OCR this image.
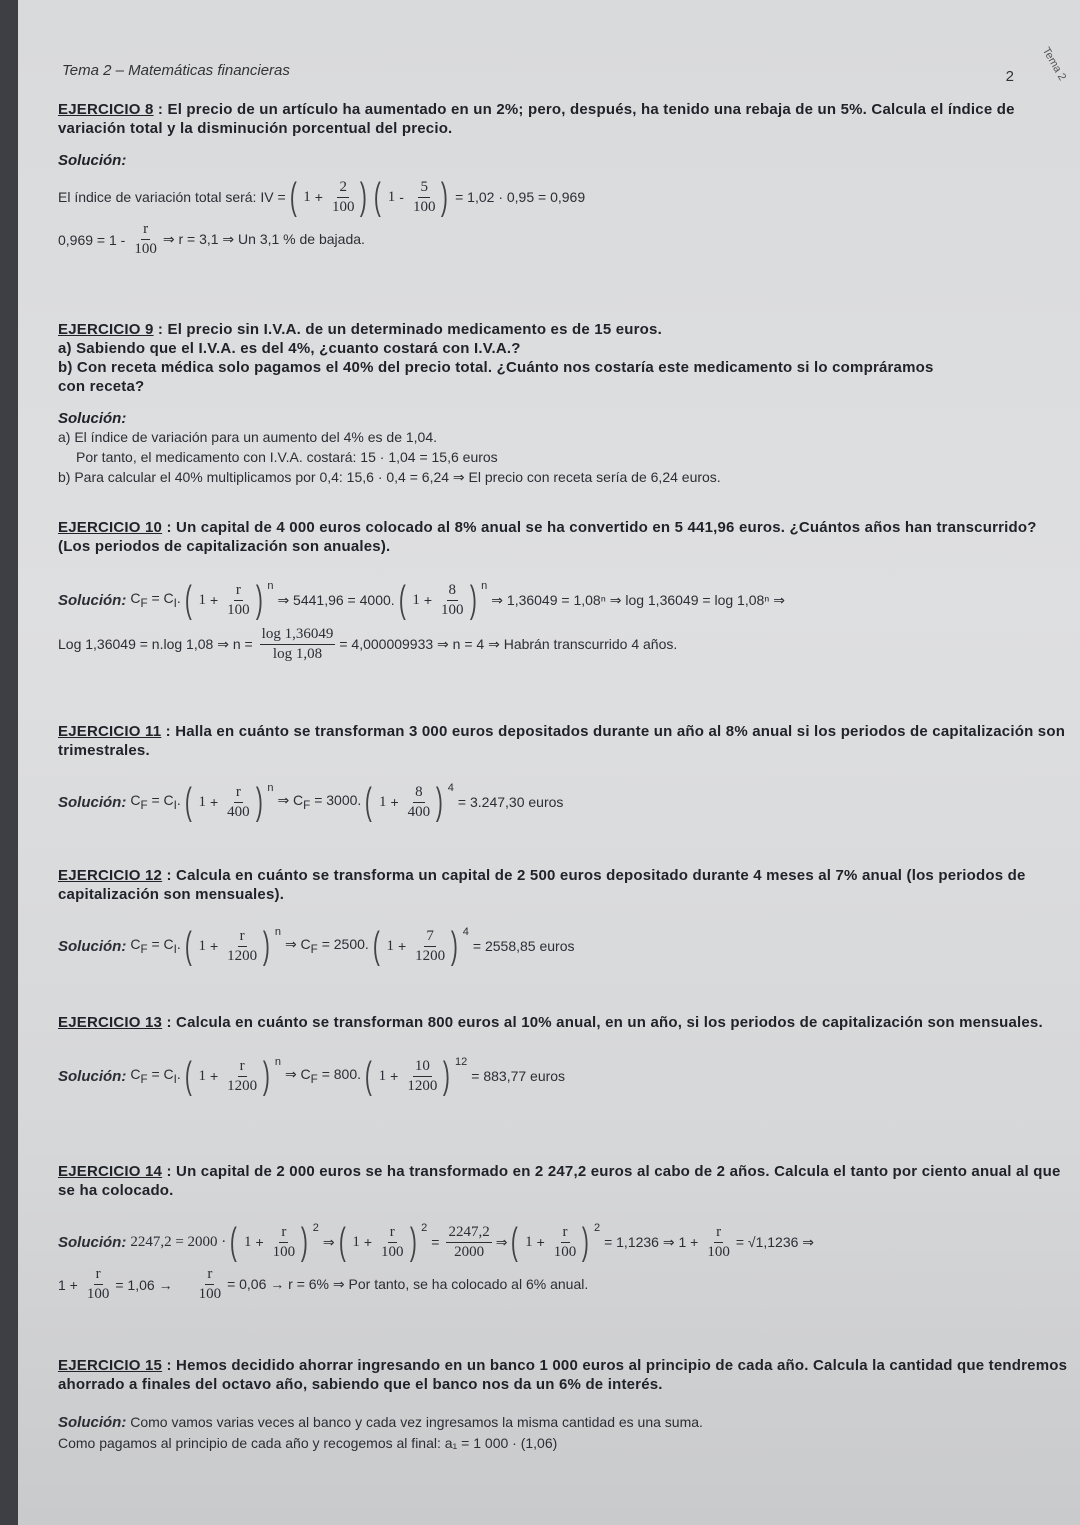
Tema 2 – Matemáticas financieras	2 Tema 2
EJERCICIO 8 : El precio de un artículo ha aumentado en un 2%; pero, después, ha tenido una rebaja de un 5%. Calcula el índice de variación total y la disminución porcentual del precio.
Solución:
El índice de variación total será: IV = ( $1 + \frac{2}{100}$ ) ( $1 - \frac{5}{100}$ ) = 1,02 · 0,95 = 0,969
$0,969 = 1 - \frac{r}{100}$ ⇒ r = 3,1 ⇒ Un 3,1 % de bajada.
EJERCICIO 9 : El precio sin I.V.A. de un determinado medicamento es de 15 euros.
a) Sabiendo que el I.V.A. es del 4%, ¿cuanto costará con I.V.A.?
b) Con receta médica solo pagamos el 40% del precio total. ¿Cuánto nos costaría este medicamento si lo compráramos con receta?
Solución:
a) El índice de variación para un aumento del 4% es de 1,04.
Por tanto, el medicamento con I.V.A. costará: 15 · 1,04 = 15,6 euros
b) Para calcular el 40% multiplicamos por 0,4: 15,6 · 0,4 = 6,24 ⇒ El precio con receta sería de 6,24 euros.
EJERCICIO 10 : Un capital de 4 000 euros colocado al 8% anual se ha convertido en 5 441,96 euros. ¿Cuántos años han transcurrido? (Los periodos de capitalización son anuales).
Solución: $C_F = C_I$. ( $1 + \frac{r}{100}$ ) n
⇒ 5441,96 = 4000. ( $1 + \frac{8}{100}$ ) n
⇒ 1,36049 = 1,08ⁿ ⇒ log 1,36049 = log 1,08ⁿ ⇒
Log 1,36049 = n.log 1,08 ⇒ $n = \frac{\log 1,36049}{\log 1,08} = 4,000009933$ ⇒ n = 4 ⇒ Habrán transcurrido 4 años.
EJERCICIO 11 : Halla en cuánto se transforman 3 000 euros depositados durante un año al 8% anual si los periodos de capitalización son trimestrales.
Solución: $C_F = C_I$. ( $1 + \frac{r}{400}$ ) n
⇒ $C_F = 3000$. ( $1 + \frac{8}{400}$ ) 4
= 3.247,30 euros
EJERCICIO 12 : Calcula en cuánto se transforma un capital de 2 500 euros depositado durante 4 meses al 7% anual (los periodos de capitalización son mensuales).
Solución: $C_F = C_I$. ( $1 + \frac{r}{1200}$ ) n
⇒ $C_F = 2500$. ( $1 + \frac{7}{1200}$ ) 4
= 2558,85 euros
EJERCICIO 13 : Calcula en cuánto se transforman 800 euros al 10% anual, en un año, si los periodos de capitalización son mensuales.
Solución: $C_F = C_I$. ( $1 + \frac{r}{1200}$ ) n
⇒ $C_F = 800$. ( $1 + \frac{10}{1200}$ ) 12
= 883,77 euros
EJERCICIO 14 : Un capital de 2 000 euros se ha transformado en 2 247,2 euros al cabo de 2 años. Calcula el tanto por ciento anual al que se ha colocado.
Solución: 2247,2 = 2000 · ( $1 + \frac{r}{100}$ ) 2
⇒ ( $1 + \frac{r}{100}$ ) 2
= $\frac{2247,2}{2000}$ ⇒ ( $1 + \frac{r}{100}$ ) 2
= 1,1236 ⇒ $1 + \frac{r}{100} = √1,1236$ ⇒
$1 + \frac{r}{100} = 1,06 \to \frac{r}{100} = 0,06 \to r = 6\%$ ⇒ Por tanto, se ha colocado al 6% anual.
EJERCICIO 15 : Hemos decidido ahorrar ingresando en un banco 1 000 euros al principio de cada año. Calcula la cantidad que tendremos ahorrado a finales del octavo año, sabiendo que el banco nos da un 6% de interés.
Solución: Como vamos varias veces al banco y cada vez ingresamos la misma cantidad es una suma.
Como pagamos al principio de cada año y recogemos al final: a₁ = 1 000 · (1,06)
